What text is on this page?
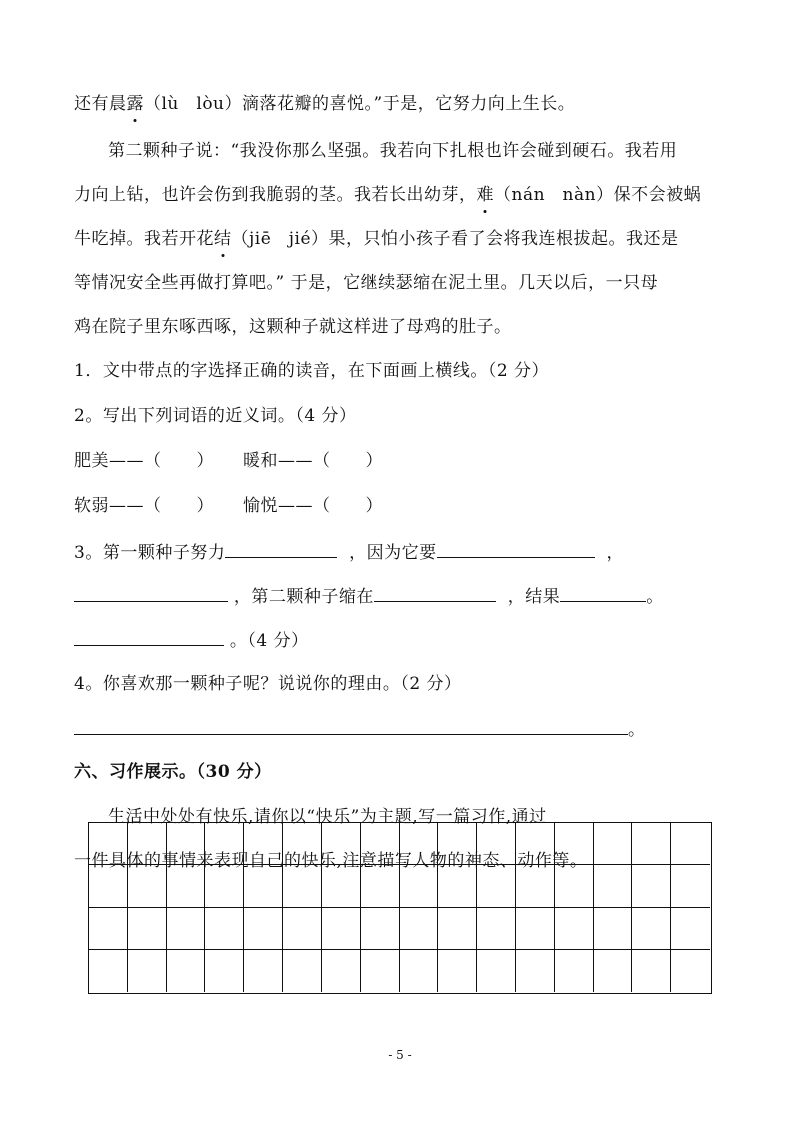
还有晨露（lù　lòu）滴落花瓣的喜悦。”于是，它努力向上生长。
第二颗种子说：“我没你那么坚强。我若向下扎根也许会碰到硬石。我若用
力向上钻，也许会伤到我脆弱的茎。我若长出幼芽，难（nán　nàn）保不会被蜗
牛吃掉。我若开花结（jiē　jié）果，只怕小孩子看了会将我连根拔起。我还是
等情况安全些再做打算吧。” 于是，它继续瑟缩在泥土里。几天以后，一只母
鸡在院子里东啄西啄，这颗种子就这样进了母鸡的肚子。
1．文中带点的字选择正确的读音，在下面画上横线。（2 分）
2。写出下列词语的近义词。（4 分）
肥美——（　　） 暖和——（　　）
软弱——（　　） 愉悦——（　　）
3。第一颗种子努力	，因为它要	，
，第二颗种子缩在	，结果	。
。（4 分）
4。你喜欢那一颗种子呢？说说你的理由。（2 分）
。
六、习作展示。（30 分）
生活中处处有快乐,请你以“快乐”为主题,写一篇习作,通过
一件具体的事情来表现自己的快乐,注意描写人物的神态、动作等。
- 5 -
